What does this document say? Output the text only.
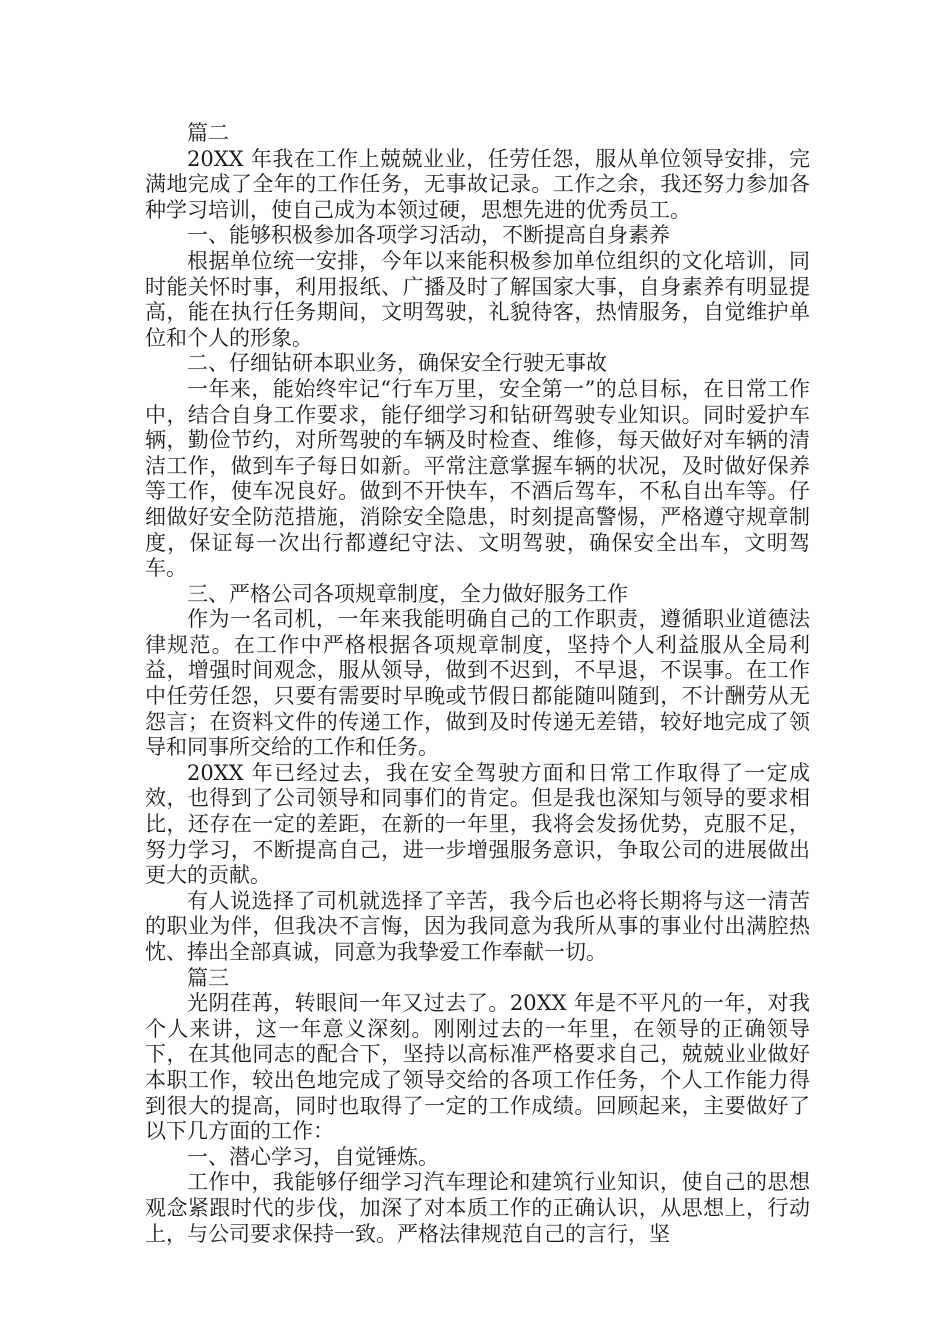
篇二

20XX 年我在工作上兢兢业业，任劳任怨，服从单位领导安排，完满地完成了全年的工作任务，无事故记录。工作之余，我还努力参加各种学习培训，使自己成为本领过硬，思想先进的优秀员工。

一、能够积极参加各项学习活动，不断提高自身素养

根据单位统一安排，今年以来能积极参加单位组织的文化培训，同时能关怀时事，利用报纸、广播及时了解国家大事，自身素养有明显提高，能在执行任务期间，文明驾驶，礼貌待客，热情服务，自觉维护单位和个人的形象。

二、仔细钻研本职业务，确保安全行驶无事故

一年来，能始终牢记“行车万里，安全第一”的总目标，在日常工作中，结合自身工作要求，能仔细学习和钻研驾驶专业知识。同时爱护车辆，勤俭节约，对所驾驶的车辆及时检查、维修，每天做好对车辆的清洁工作，做到车子每日如新。平常注意掌握车辆的状况，及时做好保养等工作，使车况良好。做到不开快车，不酒后驾车，不私自出车等。仔细做好安全防范措施，消除安全隐患，时刻提高警惕，严格遵守规章制度，保证每一次出行都遵纪守法、文明驾驶，确保安全出车，文明驾车。

三、严格公司各项规章制度，全力做好服务工作

作为一名司机，一年来我能明确自己的工作职责，遵循职业道德法律规范。在工作中严格根据各项规章制度，坚持个人利益服从全局利益，增强时间观念，服从领导，做到不迟到，不早退，不误事。在工作中任劳任怨，只要有需要时早晚或节假日都能随叫随到，不计酬劳从无怨言；在资料文件的传递工作，做到及时传递无差错，较好地完成了领导和同事所交给的工作和任务。

20XX 年已经过去，我在安全驾驶方面和日常工作取得了一定成效，也得到了公司领导和同事们的肯定。但是我也深知与领导的要求相比，还存在一定的差距，在新的一年里，我将会发扬优势，克服不足，努力学习，不断提高自己，进一步增强服务意识，争取公司的进展做出更大的贡献。

有人说选择了司机就选择了辛苦，我今后也必将长期将与这一清苦的职业为伴，但我决不言悔，因为我同意为我所从事的事业付出满腔热忱、捧出全部真诚，同意为我挚爱工作奉献一切。

篇三

光阴荏苒，转眼间一年又过去了。20XX 年是不平凡的一年，对我个人来讲，这一年意义深刻。刚刚过去的一年里，在领导的正确领导下，在其他同志的配合下，坚持以高标准严格要求自己，兢兢业业做好本职工作，较出色地完成了领导交给的各项工作任务，个人工作能力得到很大的提高，同时也取得了一定的工作成绩。回顾起来，主要做好了以下几方面的工作：

一、潜心学习，自觉锤炼。

工作中，我能够仔细学习汽车理论和建筑行业知识，使自己的思想观念紧跟时代的步伐，加深了对本质工作的正确认识，从思想上，行动上，与公司要求保持一致。严格法律规范自己的言行，坚
